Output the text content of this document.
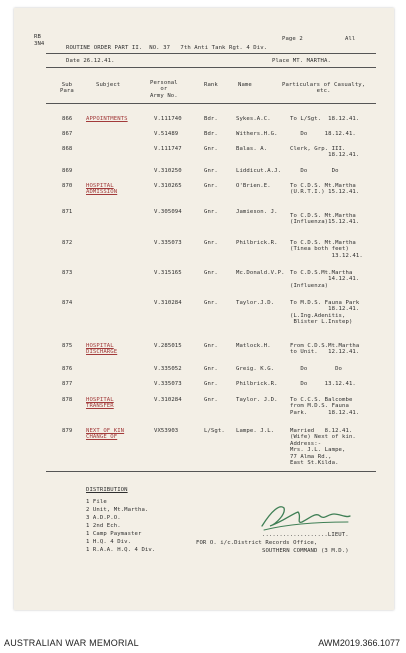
RB
3N4
Page 2	All
ROUTINE ORDER PART II.  NO. 37   7th Anti Tank Rgt. 4 Div.
Date 26.12.41.	Place MT. MARTHA.
Sub
Para
Subject	Personal
or
Army No.
Rank	Name	Particulars of Casualty,
etc.
866 APPOINTMENTS	V.111740	Bdr.	Sykes.A.C.	To L/Sgt.  18.12.41.
867	V.51489	Bdr.	Withers.H.G. Do     18.12.41.
868	V.111747	Gnr.	Balas. A.	Clerk, Grp. III.
18.12.41.
869	V.310250	Gnr.	Liddicut.A.J. Do       Do
870 HOSPITAL
ADMISSION
V.310265	Gnr.	O'Brien.E.	To C.D.S. Mt.Martha
(U.R.T.I.) 15.12.41.
871	V.305094	Gnr.	Jamieson. J.
To C.D.S. Mt.Martha
(Influenza)15.12.41.
872	V.335073	Gnr.	Philbrick.R. To C.D.S. Mt.Martha
(Tinea both feet)
13.12.41.
873	V.315165	Gnr.	Mc.Donald.V.P. To C.D.S.Mt.Martha
14.12.41.
(Influenza)
874	V.310284	Gnr.	Taylor.J.D.	To M.D.S. Fauna Park
18.12.41.
(L.Ing.Adenitis,
Blister L.Instep)
875 HOSPITAL
DISCHARGE
V.285015	Gnr.	Matlock.H.	From C.D.S.Mt.Martha
to Unit.   12.12.41.
876	V.335052	Gnr.	Greig. K.G.	Do        Do
877	V.335073	Gnr.	Philbrick.R. Do     13.12.41.
878 HOSPITAL
TRANSFER
V.310284	Gnr.	Taylor. J.D. To C.C.S. Balcombe
from M.D.S. Fauna
Park.      18.12.41.
879 NEXT OF KIN
CHANGE OF
VX53903	L/Sgt. Lampe. J.L.	Married   8.12.41.
(Wife) Next of kin.
Address:-
Mrs. J.L. Lampe,
77 Alma Rd.,
East St.Kilda.
DISTRIBUTION
1 File
2 Unit, Mt.Martha.
3 A.D.P.O.
1 2nd Ech.
1 Camp Paymaster
1 H.Q. 4 Div.
1 R.A.A. H.Q. 4 Div.
...................LIEUT.
FOR O. i/c.District Records Office,
SOUTHERN COMMAND (3 M.D.)
AUSTRALIAN WAR MEMORIAL	AWM2019.366.1077
